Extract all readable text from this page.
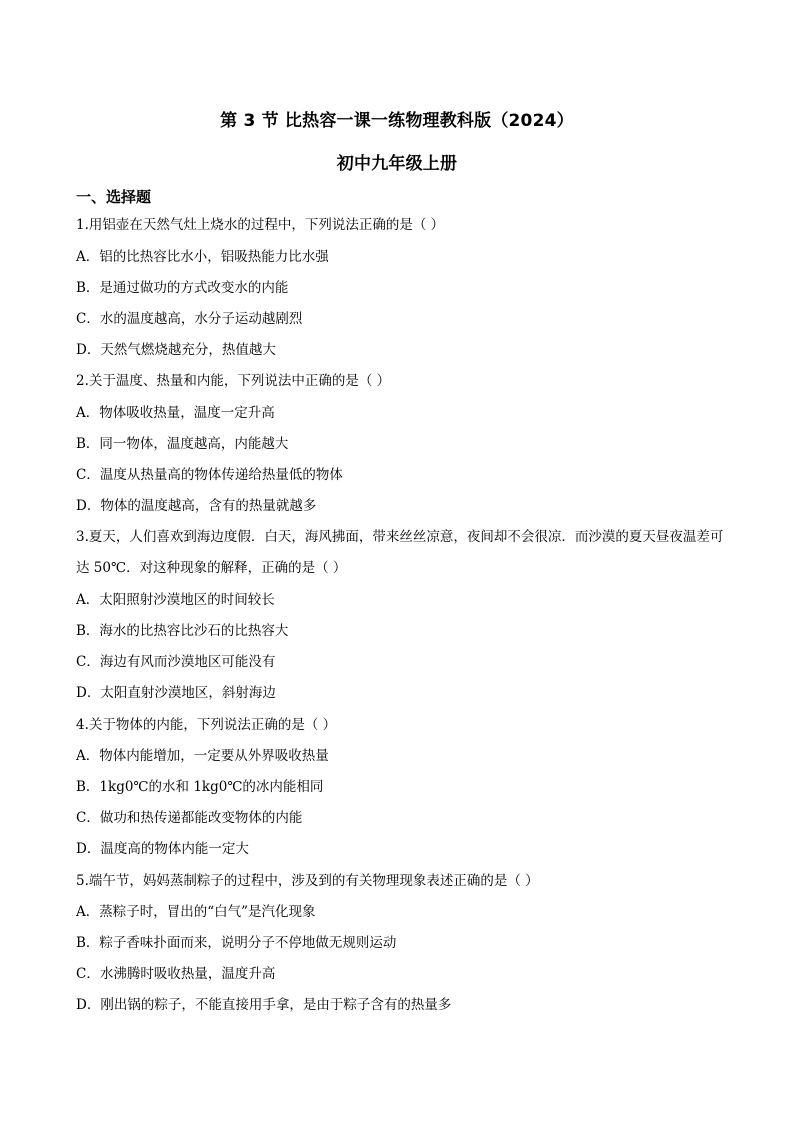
第 3 节 比热容一课一练物理教科版（2024）
初中九年级上册
一、选择题
1.用铝壶在天然气灶上烧水的过程中，下列说法正确的是（ ）
A．铝的比热容比水小，铝吸热能力比水强
B．是通过做功的方式改变水的内能
C．水的温度越高，水分子运动越剧烈
D．天然气燃烧越充分，热值越大
2.关于温度、热量和内能，下列说法中正确的是（ ）
A．物体吸收热量，温度一定升高
B．同一物体，温度越高，内能越大
C．温度从热量高的物体传递给热量低的物体
D．物体的温度越高，含有的热量就越多
3.夏天，人们喜欢到海边度假．白天，海风拂面，带来丝丝凉意，夜间却不会很凉．而沙漠的夏天昼夜温差可达 50℃．对这种现象的解释，正确的是（ ）
A．太阳照射沙漠地区的时间较长
B．海水的比热容比沙石的比热容大
C．海边有风而沙漠地区可能没有
D．太阳直射沙漠地区，斜射海边
4.关于物体的内能，下列说法正确的是（ ）
A．物体内能增加，一定要从外界吸收热量
B．1kg0℃的水和 1kg0℃的冰内能相同
C．做功和热传递都能改变物体的内能
D．温度高的物体内能一定大
5.端午节，妈妈蒸制粽子的过程中，涉及到的有关物理现象表述正确的是（ ）
A．蒸粽子时，冒出的“白气”是汽化现象
B．粽子香味扑面而来，说明分子不停地做无规则运动
C．水沸腾时吸收热量，温度升高
D．刚出锅的粽子，不能直接用手拿，是由于粽子含有的热量多
